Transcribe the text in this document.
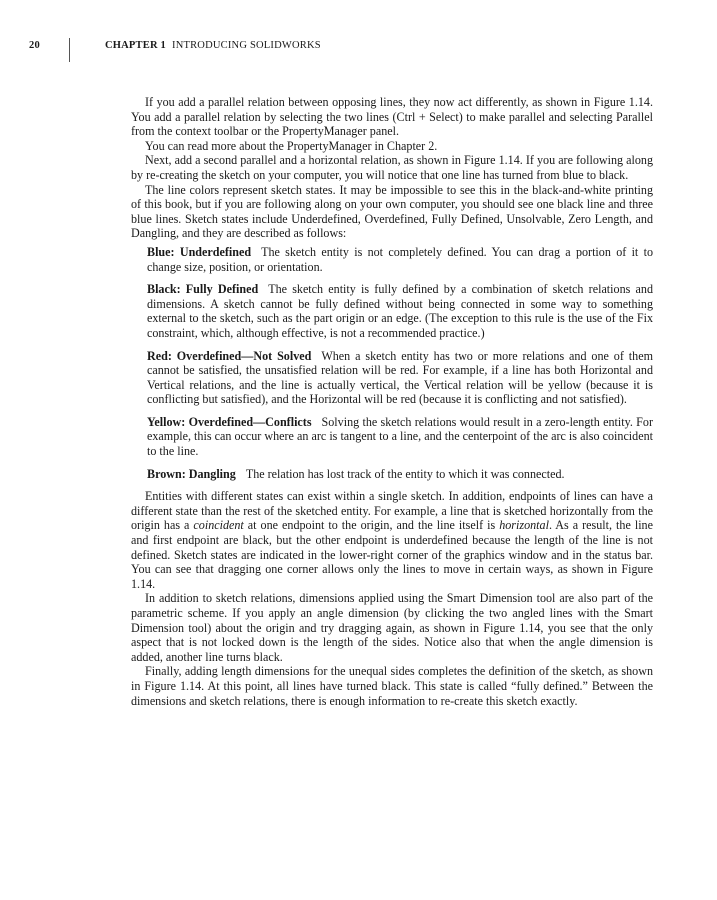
20	CHAPTER 1 INTRODUCING SOLIDWORKS

If you add a parallel relation between opposing lines, they now act differently, as shown in Figure 1.14. You add a parallel relation by selecting the two lines (Ctrl + Select) to make parallel and selecting Parallel from the context toolbar or the PropertyManager panel.

You can read more about the PropertyManager in Chapter 2.

Next, add a second parallel and a horizontal relation, as shown in Figure 1.14. If you are following along by re-creating the sketch on your computer, you will notice that one line has turned from blue to black.

The line colors represent sketch states. It may be impossible to see this in the black-and-white printing of this book, but if you are following along on your own computer, you should see one black line and three blue lines. Sketch states include Underdefined, Overdefined, Fully Defined, Unsolvable, Zero Length, and Dangling, and they are described as follows:

Blue: Underdefined The sketch entity is not completely defined. You can drag a portion of it to change size, position, or orientation.
Black: Fully Defined The sketch entity is fully defined by a combination of sketch relations and dimensions. A sketch cannot be fully defined without being connected in some way to something external to the sketch, such as the part origin or an edge. (The exception to this rule is the use of the Fix constraint, which, although effective, is not a recommended practice.)
Red: Overdefined—Not Solved When a sketch entity has two or more relations and one of them cannot be satisfied, the unsatisfied relation will be red. For example, if a line has both Horizontal and Vertical relations, and the line is actually vertical, the Vertical relation will be yellow (because it is conflicting but satisfied), and the Horizontal will be red (because it is conflicting and not satisfied).
Yellow: Overdefined—Conflicts Solving the sketch relations would result in a zero-length entity. For example, this can occur where an arc is tangent to a line, and the centerpoint of the arc is also coincident to the line.
Brown: Dangling The relation has lost track of the entity to which it was connected.

Entities with different states can exist within a single sketch. In addition, endpoints of lines can have a different state than the rest of the sketched entity. For example, a line that is sketched horizontally from the origin has a coincident at one endpoint to the origin, and the line itself is horizontal. As a result, the line and first endpoint are black, but the other endpoint is underdefined because the length of the line is not defined. Sketch states are indicated in the lower-right corner of the graphics window and in the status bar. You can see that dragging one corner allows only the lines to move in certain ways, as shown in Figure 1.14.

In addition to sketch relations, dimensions applied using the Smart Dimension tool are also part of the parametric scheme. If you apply an angle dimension (by clicking the two angled lines with the Smart Dimension tool) about the origin and try dragging again, as shown in Figure 1.14, you see that the only aspect that is not locked down is the length of the sides. Notice also that when the angle dimension is added, another line turns black.

Finally, adding length dimensions for the unequal sides completes the definition of the sketch, as shown in Figure 1.14. At this point, all lines have turned black. This state is called “fully defined.” Between the dimensions and sketch relations, there is enough information to re-create this sketch exactly.
